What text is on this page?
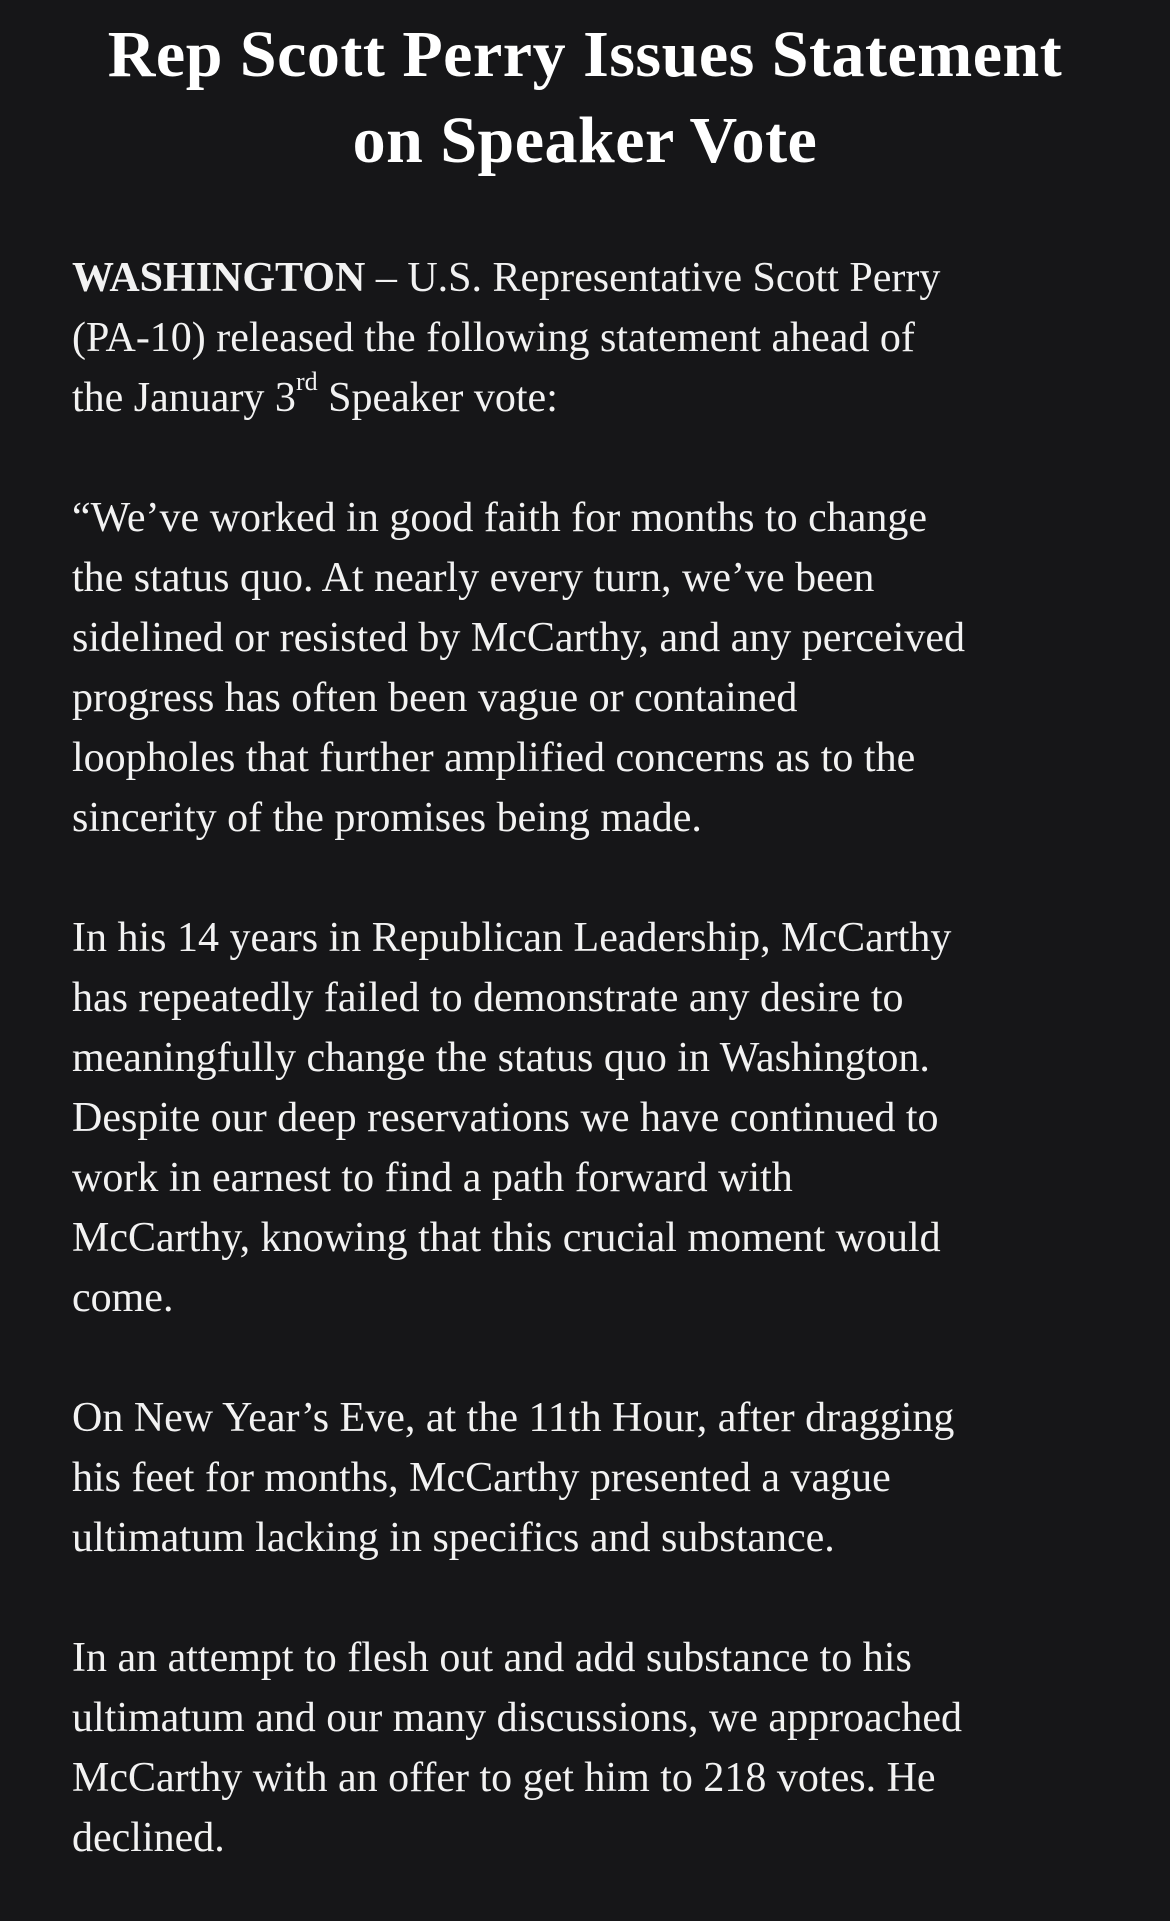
Rep Scott Perry Issues Statement
on Speaker Vote

WASHINGTON – U.S. Representative Scott Perry
(PA-10) released the following statement ahead of
the January 3rd Speaker vote:

“We’ve worked in good faith for months to change
the status quo. At nearly every turn, we’ve been
sidelined or resisted by McCarthy, and any perceived
progress has often been vague or contained
loopholes that further amplified concerns as to the
sincerity of the promises being made.

In his 14 years in Republican Leadership, McCarthy
has repeatedly failed to demonstrate any desire to
meaningfully change the status quo in Washington.
Despite our deep reservations we have continued to
work in earnest to find a path forward with
McCarthy, knowing that this crucial moment would
come.

On New Year’s Eve, at the 11th Hour, after dragging
his feet for months, McCarthy presented a vague
ultimatum lacking in specifics and substance.

In an attempt to flesh out and add substance to his
ultimatum and our many discussions, we approached
McCarthy with an offer to get him to 218 votes. He
declined.
